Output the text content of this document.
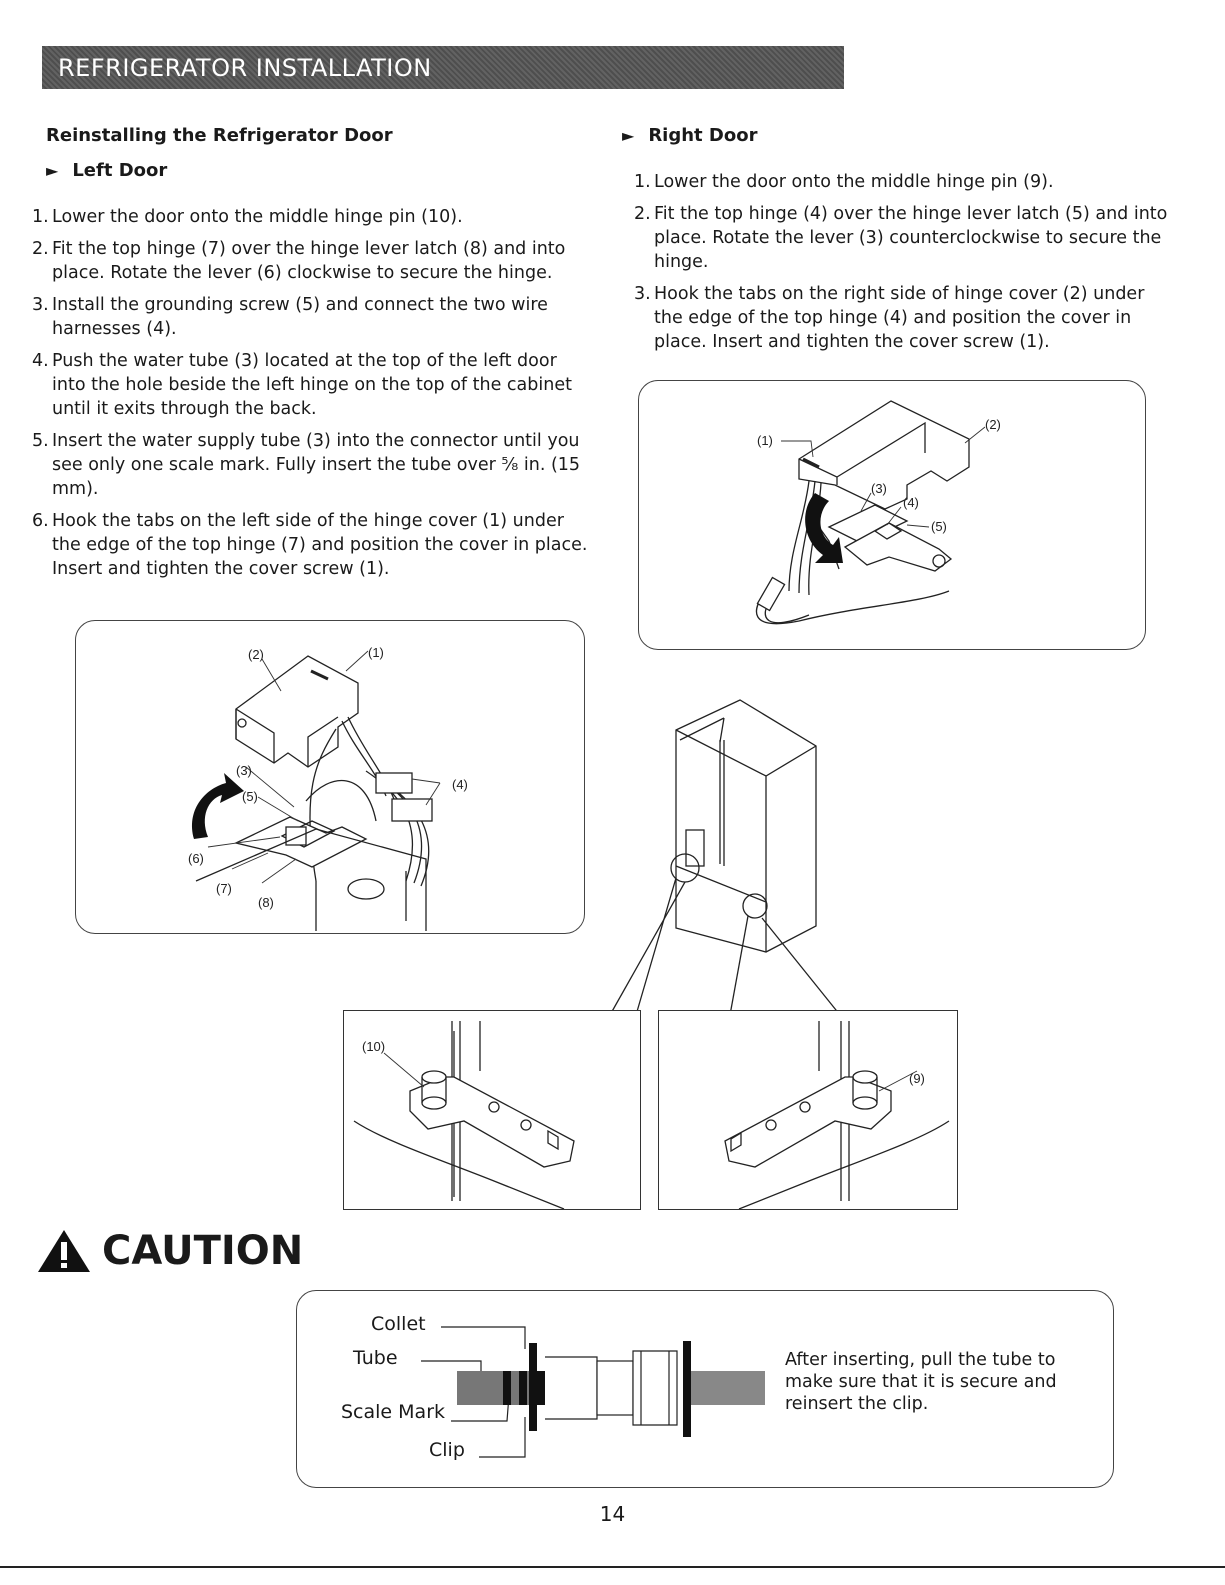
REFRIGERATOR INSTALLATION
Reinstalling the Refrigerator Door
► Left Door
1. Lower the door onto the middle hinge pin (10).
2. Fit the top hinge (7) over the hinge lever latch (8) and into place. Rotate the lever (6) clockwise to secure the hinge.
3. Install the grounding screw (5) and connect the two wire harnesses (4).
4. Push the water tube (3) located at the top of the left door into the hole beside the left hinge on the top of the cabinet until it exits through the back.
5. Insert the water supply tube (3) into the connector until you see only one scale mark. Fully insert the tube over ⁵⁄₈ in. (15 mm).
6. Hook the tabs on the left side of the hinge cover (1) under the edge of the top hinge (7) and position the cover in place. Insert and tighten the cover screw (1).
(2)	(1)
(3)
(5)
(4)
(6)
(7)
(8)
► Right Door
1. Lower the door onto the middle hinge pin (9).
2. Fit the top hinge (4) over the hinge lever latch (5) and into place. Rotate the lever (3) counterclockwise to secure the hinge.
3. Hook the tabs on the right side of hinge cover (2) under the edge of the top hinge (4) and position the cover in place. Insert and tighten the cover screw (1).
(1)
(2)
(3)
(4)
(5)
(10)
(9)
CAUTION
Collet
Tube
Scale Mark
Clip
After inserting, pull the tube to make sure that it is secure and reinsert the clip.
14
